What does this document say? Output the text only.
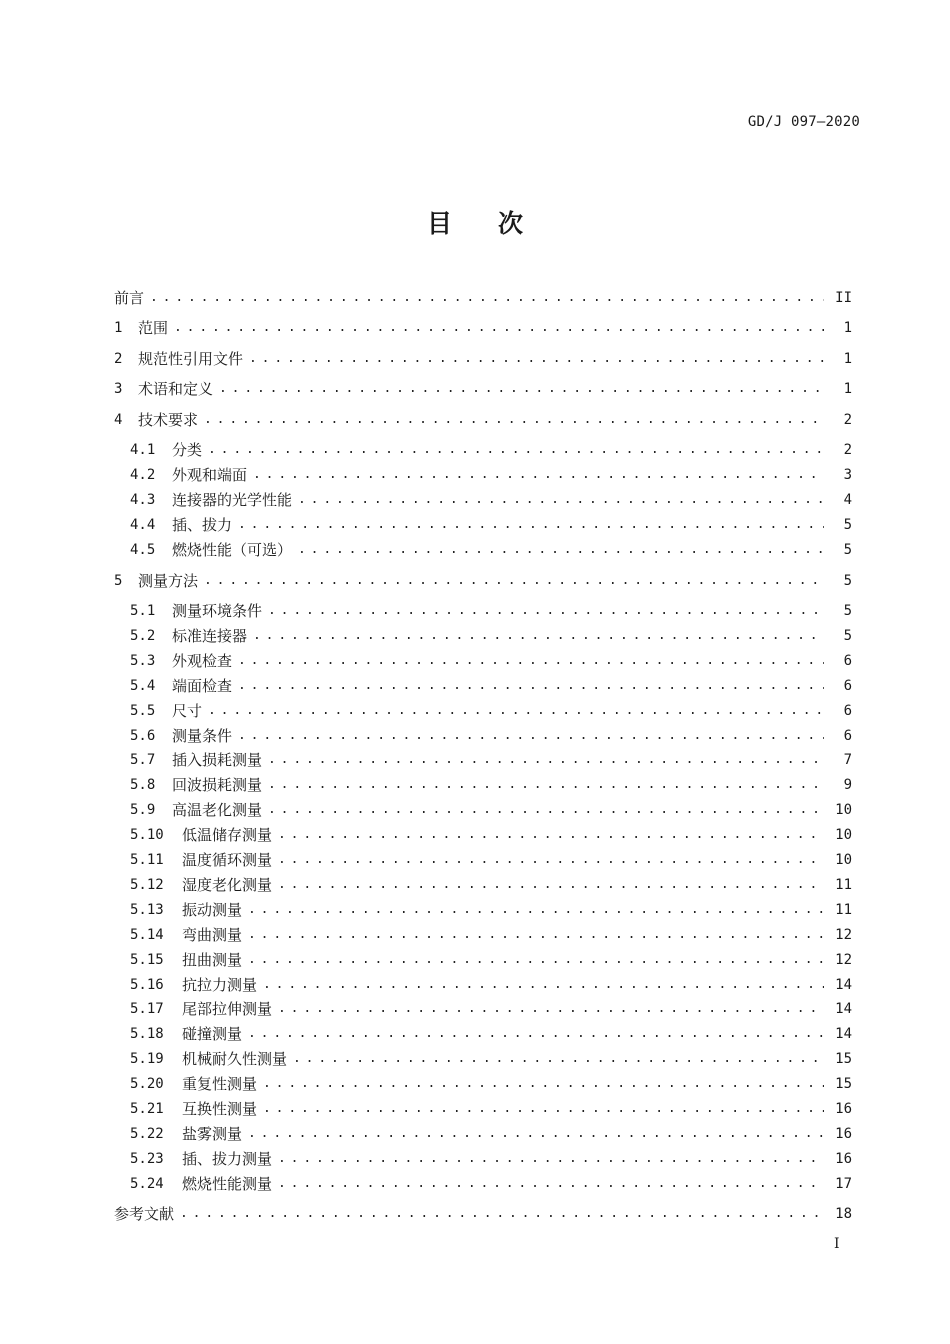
GD/J 097—2020
目 次
前言 . . .	II
1	范围 . . .	1
2	规范性引用文件 . . .	1
3	术语和定义 . . .	1
4	技术要求 . . .	2
4.1	分类 . . .	2
4.2	外观和端面 . . .	3
4.3	连接器的光学性能 . . .	4
4.4	插、拔力 . . .	5
4.5	燃烧性能（可选） . . .	5
5	测量方法 . . .	5
5.1	测量环境条件 . . .	5
5.2	标准连接器 . . .	5
5.3	外观检查 . . .	6
5.4	端面检查 . . .	6
5.5	尺寸 . . .	6
5.6	测量条件 . . .	6
5.7	插入损耗测量 . . .	7
5.8	回波损耗测量 . . .	9
5.9	高温老化测量 . . .	10
5.10	低温储存测量 . . .	10
5.11	温度循环测量 . . .	10
5.12	湿度老化测量 . . .	11
5.13	振动测量 . . .	11
5.14	弯曲测量 . . .	12
5.15	扭曲测量 . . .	12
5.16	抗拉力测量 . . .	14
5.17	尾部拉伸测量 . . .	14
5.18	碰撞测量 . . .	14
5.19	机械耐久性测量 . . .	15
5.20	重复性测量 . . .	15
5.21	互换性测量 . . .	16
5.22	盐雾测量 . . .	16
5.23	插、拔力测量 . . .	16
5.24	燃烧性能测量 . . .	17
参考文献 . . .	18
I
